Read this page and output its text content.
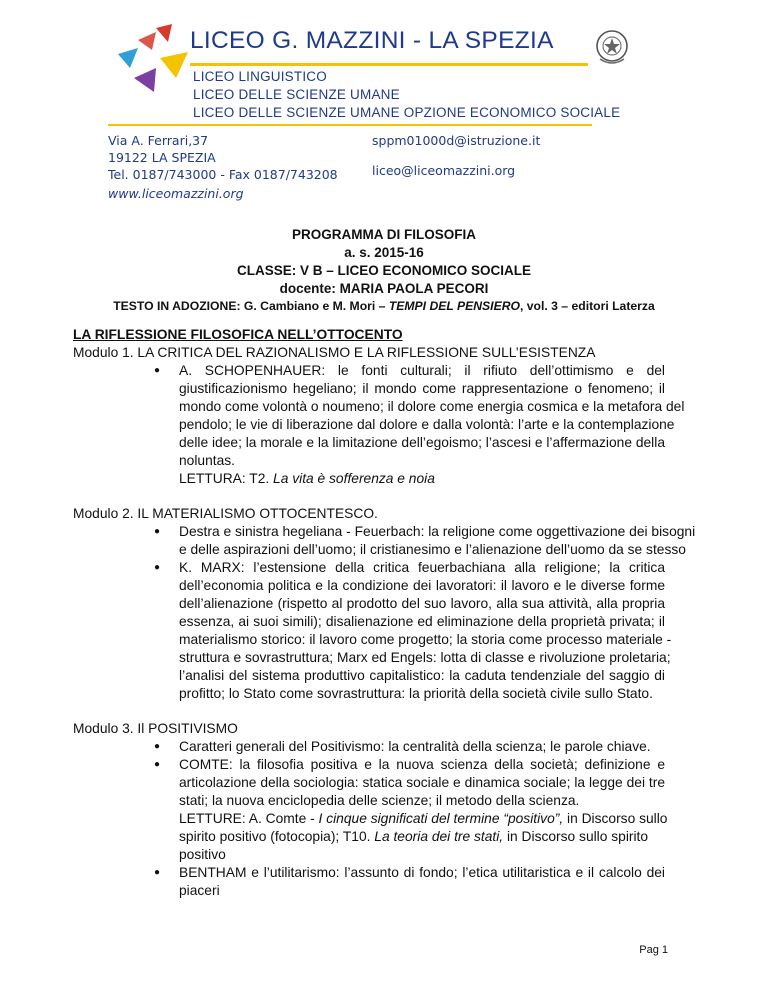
LICEO G. MAZZINI - LA SPEZIA
LICEO LINGUISTICO
LICEO DELLE SCIENZE UMANE
LICEO DELLE SCIENZE UMANE OPZIONE ECONOMICO SOCIALE
Via A. Ferrari,37
19122 LA SPEZIA
Tel. 0187/743000 - Fax 0187/743208
sppm01000d@istruzione.it
liceo@liceomazzini.org
www.liceomazzini.org
PROGRAMMA DI FILOSOFIA
a. s. 2015-16
CLASSE: V B – LICEO ECONOMICO SOCIALE
docente: MARIA PAOLA PECORI
TESTO IN ADOZIONE: G. Cambiano e M. Mori – TEMPI DEL PENSIERO, vol. 3 – editori Laterza
LA RIFLESSIONE FILOSOFICA NELL’OTTOCENTO
Modulo 1. LA CRITICA DEL RAZIONALISMO E LA RIFLESSIONE SULL’ESISTENZA
● A. SCHOPENHAUER: le fonti culturali; il rifiuto dell’ottimismo e del
giustificazionismo hegeliano; il mondo come rappresentazione o fenomeno; il
mondo come volontà o noumeno; il dolore come energia cosmica e la metafora del
pendolo; le vie di liberazione dal dolore e dalla volontà: l’arte e la contemplazione
delle idee; la morale e la limitazione dell’egoismo; l’ascesi e l’affermazione della
noluntas.
LETTURA: T2. La vita è sofferenza e noia
Modulo 2. IL MATERIALISMO OTTOCENTESCO.
● Destra e sinistra hegeliana - Feuerbach: la religione come oggettivazione dei bisogni
e delle aspirazioni dell’uomo; il cristianesimo e l’alienazione dell’uomo da se stesso
● K. MARX: l’estensione della critica feuerbachiana alla religione; la critica
dell’economia politica e la condizione dei lavoratori: il lavoro e le diverse forme
dell’alienazione (rispetto al prodotto del suo lavoro, alla sua attività, alla propria
essenza, ai suoi simili); disalienazione ed eliminazione della proprietà privata; il
materialismo storico: il lavoro come progetto; la storia come processo materiale -
struttura e sovrastruttura; Marx ed Engels: lotta di classe e rivoluzione proletaria;
l’analisi del sistema produttivo capitalistico: la caduta tendenziale del saggio di
profitto; lo Stato come sovrastruttura: la priorità della società civile sullo Stato.
Modulo 3. Il POSITIVISMO
● Caratteri generali del Positivismo: la centralità della scienza; le parole chiave.
● COMTE: la filosofia positiva e la nuova scienza della società; definizione e
articolazione della sociologia: statica sociale e dinamica sociale; la legge dei tre
stati; la nuova enciclopedia delle scienze; il metodo della scienza.
LETTURE: A. Comte - I cinque significati del termine “positivo”, in Discorso sullo
spirito positivo (fotocopia); T10. La teoria dei tre stati, in Discorso sullo spirito
positivo
● BENTHAM e l’utilitarismo: l’assunto di fondo; l’etica utilitaristica e il calcolo dei
piaceri
Pag 1
